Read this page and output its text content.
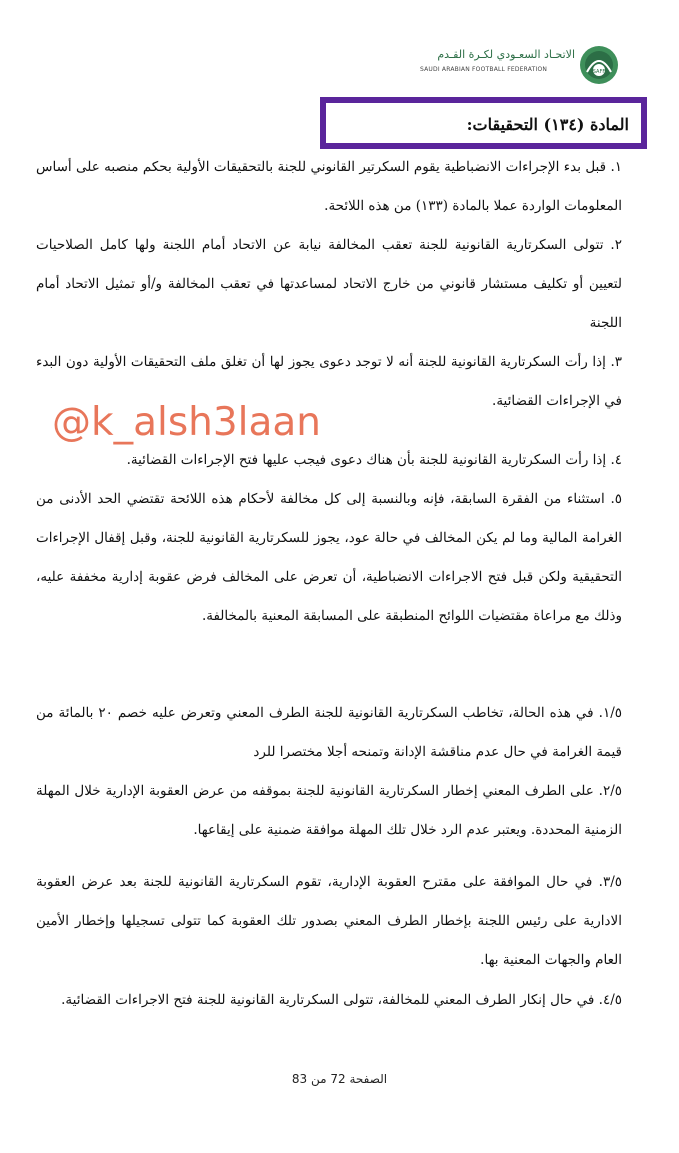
الاتحـاد السعـودي لكـرة القـدم
SAUDI ARABIAN FOOTBALL FEDERATION	SAFF
المادة (١٣٤) التحقيقات:

١. قبل بدء الإجراءات الانضباطية يقوم السكرتير القانوني للجنة بالتحقيقات الأولية بحكم منصبه على أساس المعلومات الواردة عملا بالمادة (١٣٣) من هذه اللائحة.

٢. تتولى السكرتارية القانونية للجنة تعقب المخالفة نيابة عن الاتحاد أمام اللجنة ولها كامل الصلاحيات لتعيين أو تكليف مستشار قانوني من خارج الاتحاد لمساعدتها في تعقب المخالفة و/أو تمثيل الاتحاد أمام اللجنة

٣. إذا رأت السكرتارية القانونية للجنة أنه لا توجد دعوى يجوز لها أن تغلق ملف التحقيقات الأولية دون البدء في الإجراءات القضائية.

٤. إذا رأت السكرتارية القانونية للجنة بأن هناك دعوى فيجب عليها فتح الإجراءات القضائية.

٥. استثناء من الفقرة السابقة، فإنه وبالنسبة إلى كل مخالفة لأحكام هذه اللائحة تقتضي الحد الأدنى من الغرامة المالية وما لم يكن المخالف في حالة عود، يجوز للسكرتارية القانونية للجنة، وقبل إقفال الإجراءات التحقيقية ولكن قبل فتح الاجراءات الانضباطية، أن تعرض على المخالف فرض عقوبة إدارية مخففة عليه، وذلك مع مراعاة مقتضيات اللوائح المنطبقة على المسابقة المعنية بالمخالفة.

١/٥. في هذه الحالة، تخاطب السكرتارية القانونية للجنة الطرف المعني وتعرض عليه خصم ٢٠ بالمائة من قيمة الغرامة في حال عدم مناقشة الإدانة وتمنحه أجلا مختصرا للرد

٢/٥. على الطرف المعني إخطار السكرتارية القانونية للجنة بموقفه من عرض العقوبة الإدارية خلال المهلة الزمنية المحددة. ويعتبر عدم الرد خلال تلك المهلة موافقة ضمنية على إيقاعها.

٣/٥. في حال الموافقة على مقترح العقوبة الإدارية، تقوم السكرتارية القانونية للجنة بعد عرض العقوبة الادارية على رئيس اللجنة بإخطار الطرف المعني بصدور تلك العقوبة كما تتولى تسجيلها وإخطار الأمين العام والجهات المعنية بها.

٤/٥. في حال إنكار الطرف المعني للمخالفة، تتولى السكرتارية القانونية للجنة فتح الاجراءات القضائية.

@k_alsh3laan
الصفحة 72 من 83
